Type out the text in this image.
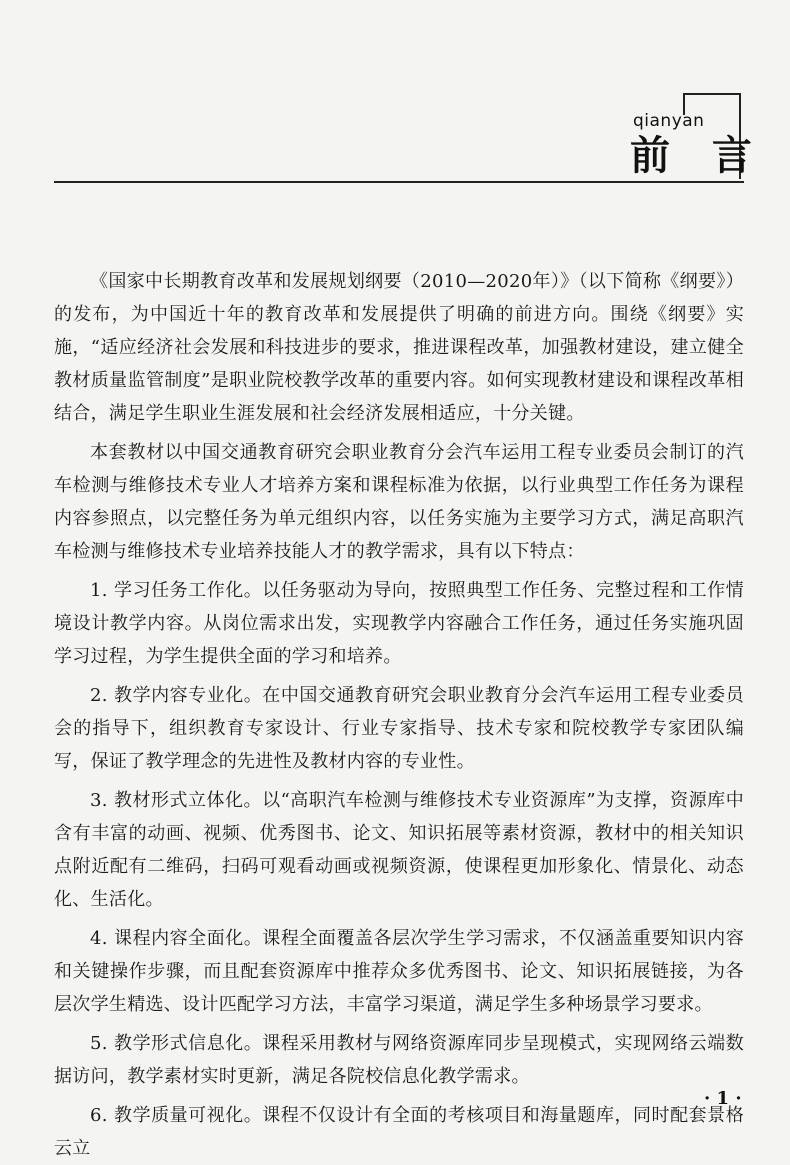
qianyan
前 言

《国家中长期教育改革和发展规划纲要（2010—2020年）》（以下简称《纲要》）的发布，为中国近十年的教育改革和发展提供了明确的前进方向。围绕《纲要》实施，“适应经济社会发展和科技进步的要求，推进课程改革，加强教材建设，建立健全教材质量监管制度”是职业院校教学改革的重要内容。如何实现教材建设和课程改革相结合，满足学生职业生涯发展和社会经济发展相适应，十分关键。

本套教材以中国交通教育研究会职业教育分会汽车运用工程专业委员会制订的汽车检测与维修技术专业人才培养方案和课程标准为依据，以行业典型工作任务为课程内容参照点，以完整任务为单元组织内容，以任务实施为主要学习方式，满足高职汽车检测与维修技术专业培养技能人才的教学需求，具有以下特点：

1. 学习任务工作化。以任务驱动为导向，按照典型工作任务、完整过程和工作情境设计教学内容。从岗位需求出发，实现教学内容融合工作任务，通过任务实施巩固学习过程，为学生提供全面的学习和培养。

2. 教学内容专业化。在中国交通教育研究会职业教育分会汽车运用工程专业委员会的指导下，组织教育专家设计、行业专家指导、技术专家和院校教学专家团队编写，保证了教学理念的先进性及教材内容的专业性。

3. 教材形式立体化。以“高职汽车检测与维修技术专业资源库”为支撑，资源库中含有丰富的动画、视频、优秀图书、论文、知识拓展等素材资源，教材中的相关知识点附近配有二维码，扫码可观看动画或视频资源，使课程更加形象化、情景化、动态化、生活化。

4. 课程内容全面化。课程全面覆盖各层次学生学习需求，不仅涵盖重要知识内容和关键操作步骤，而且配套资源库中推荐众多优秀图书、论文、知识拓展链接，为各层次学生精选、设计匹配学习方法，丰富学习渠道，满足学生多种场景学习要求。

5. 教学形式信息化。课程采用教材与网络资源库同步呈现模式，实现网络云端数据访问，教学素材实时更新，满足各院校信息化教学需求。

6. 教学质量可视化。课程不仅设计有全面的考核项目和海量题库，同时配套景格云立

· 1 ·
